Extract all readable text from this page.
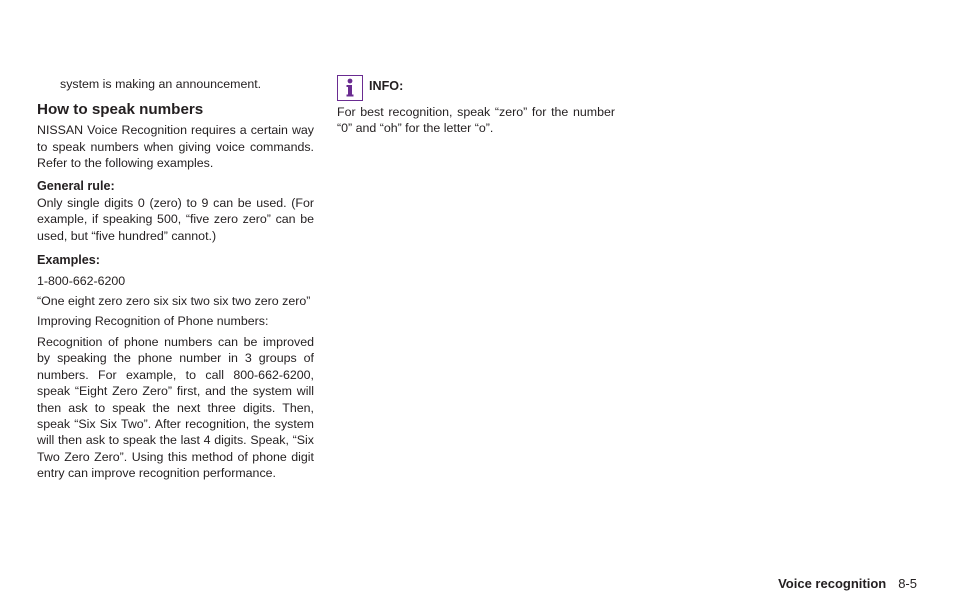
system is making an announcement.

How to speak numbers

NISSAN Voice Recognition requires a certain way to speak numbers when giving voice commands. Refer to the following examples.

General rule:

Only single digits 0 (zero) to 9 can be used. (For example, if speaking 500, “five zero zero” can be used, but “five hundred” cannot.)

Examples:

1-800-662-6200

“One eight zero zero six six two six two zero zero”

Improving Recognition of Phone numbers:

Recognition of phone numbers can be improved by speaking the phone number in 3 groups of numbers. For example, to call 800-662-6200, speak “Eight Zero Zero” first, and the system will then ask to speak the next three digits. Then, speak “Six Six Two”. After recognition, the system will then ask to speak the last 4 digits. Speak, “Six Two Zero Zero”. Using this method of phone digit entry can improve recognition performance.

INFO:

For best recognition, speak “zero” for the number “0” and “oh” for the letter “o”.

Voice recognition 8-5
